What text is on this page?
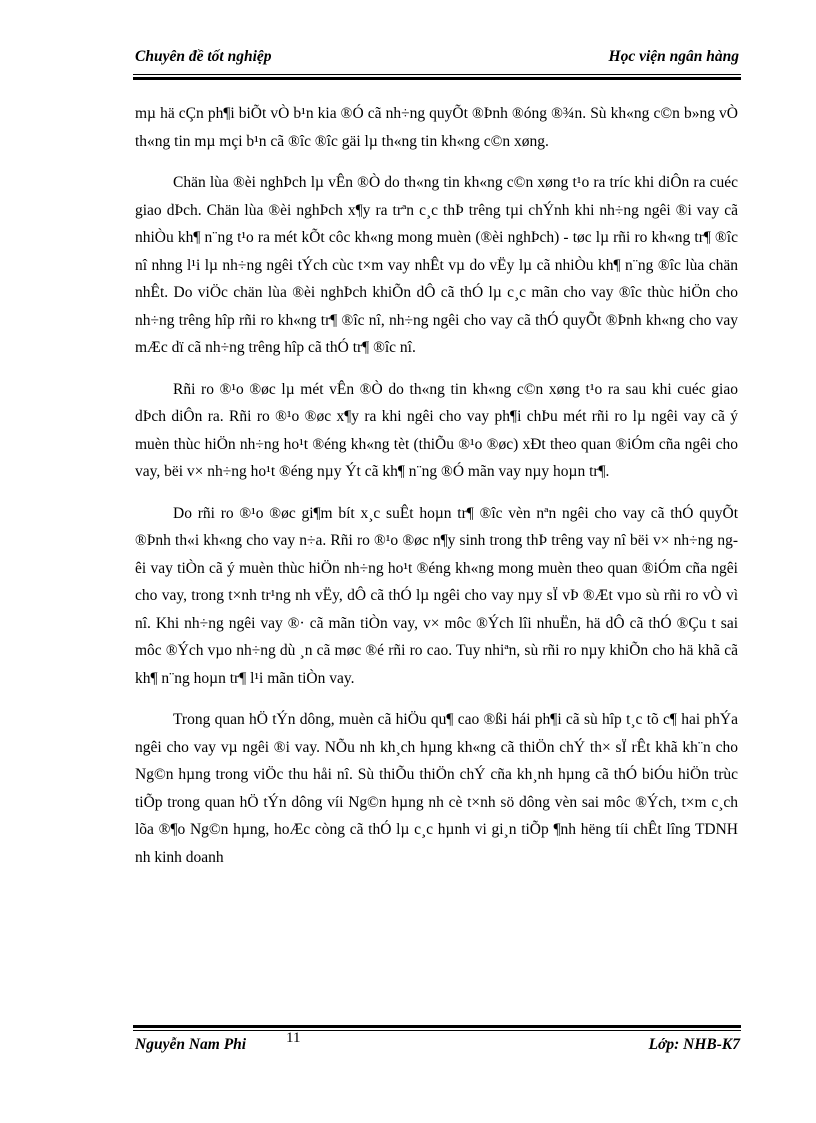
Chuyên đề tốt nghiệp	Học viện ngân hàng

mµ hä cÇn ph¶i biÕt vÒ b¹n kia ®Ó cã nh÷ng quyÕt ®Þnh ®óng ®¾n. Sù kh«ng c©n b»ng vÒ th«ng tin mµ mçi b¹n cã ®îc ®îc gäi lµ th«ng tin kh«ng c©n xøng.

Chän lùa ®èi nghÞch lµ vÊn ®Ò do th«ng tin kh«ng c©n xøng t¹o ra tríc khi diÔn ra cuéc giao dÞch. Chän lùa ®èi nghÞch x¶y ra trªn c¸c thÞ trêng tµi chÝnh khi nh÷ng ngêi ®i vay cã nhiÒu kh¶ n¨ng t¹o ra mét kÕt côc kh«ng mong muèn (®èi nghÞch) - tøc lµ rñi ro kh«ng tr¶ ®îc nî nhng l¹i lµ nh÷ng ngêi tÝch cùc t×m vay nhÊt vµ do vËy lµ cã nhiÒu kh¶ n¨ng ®îc lùa chän nhÊt. Do viÖc chän lùa ®èi nghÞch khiÕn dÔ cã thÓ lµ c¸c mãn cho vay ®îc thùc hiÖn cho nh÷ng trêng hîp rñi ro kh«ng tr¶ ®îc nî, nh÷ng ngêi cho vay cã thÓ quyÕt ®Þnh kh«ng cho vay mÆc dï cã nh÷ng trêng hîp cã thÓ tr¶ ®îc nî.

Rñi ro ®¹o ®øc lµ mét vÊn ®Ò do th«ng tin kh«ng c©n xøng t¹o ra sau khi cuéc giao dÞch diÔn ra. Rñi ro ®¹o ®øc x¶y ra khi ngêi cho vay ph¶i chÞu mét rñi ro lµ ngêi vay cã ý muèn thùc hiÖn nh÷ng ho¹t ®éng kh«ng tèt (thiÕu ®¹o ®øc) xÐt theo quan ®iÓm cña ngêi cho vay, bëi v× nh÷ng ho¹t ®éng nµy Ýt cã kh¶ n¨ng ®Ó mãn vay nµy hoµn tr¶.

Do rñi ro ®¹o ®øc gi¶m bít x¸c suÊt hoµn tr¶ ®îc vèn nªn ngêi cho vay cã thÓ quyÕt ®Þnh th«i kh«ng cho vay n÷a. Rñi ro ®¹o ®øc n¶y sinh trong thÞ trêng vay nî bëi v× nh÷ng ngêi vay tiÒn cã ý muèn thùc hiÖn nh÷ng ho¹t ®éng kh«ng mong muèn theo quan ®iÓm cña ngêi cho vay, trong t×nh tr¹ng nh vËy, dÔ cã thÓ lµ ngêi cho vay nµy sÏ vÞ ®Æt vµo sù rñi ro vÒ vì nî. Khi nh÷ng ngêi vay ®· cã mãn tiÒn vay, v× môc ®Ých lîi nhuËn, hä dÔ cã thÓ ®Çu t sai môc ®Ých vµo nh÷ng dù ¸n cã møc ®é rñi ro cao. Tuy nhiªn, sù rñi ro nµy khiÕn cho hä khã cã kh¶ n¨ng hoµn tr¶ l¹i mãn tiÒn vay.

Trong quan hÖ tÝn dông, muèn cã hiÖu qu¶ cao ®ßi hái ph¶i cã sù hîp t¸c tõ c¶ hai phÝa ngêi cho vay vµ ngêi ®i vay. NÕu nh kh¸ch hµng kh«ng cã thiÖn chÝ th× sÏ rÊt khã kh¨n cho Ng©n hµng trong viÖc thu håi nî. Sù thiÕu thiÖn chÝ cña kh¸nh hµng cã thÓ biÓu hiÖn trùc tiÕp trong quan hÖ tÝn dông víi Ng©n hµng nh cè t×nh sö dông vèn sai môc ®Ých, t×m c¸ch lõa ®¶o Ng©n hµng, hoÆc còng cã thÓ lµ c¸c hµnh vi gi¸n tiÕp ¶nh hëng tíi chÊt lîng TDNH nh kinh doanh

Nguyễn Nam Phi	11	Lớp: NHB-K7
